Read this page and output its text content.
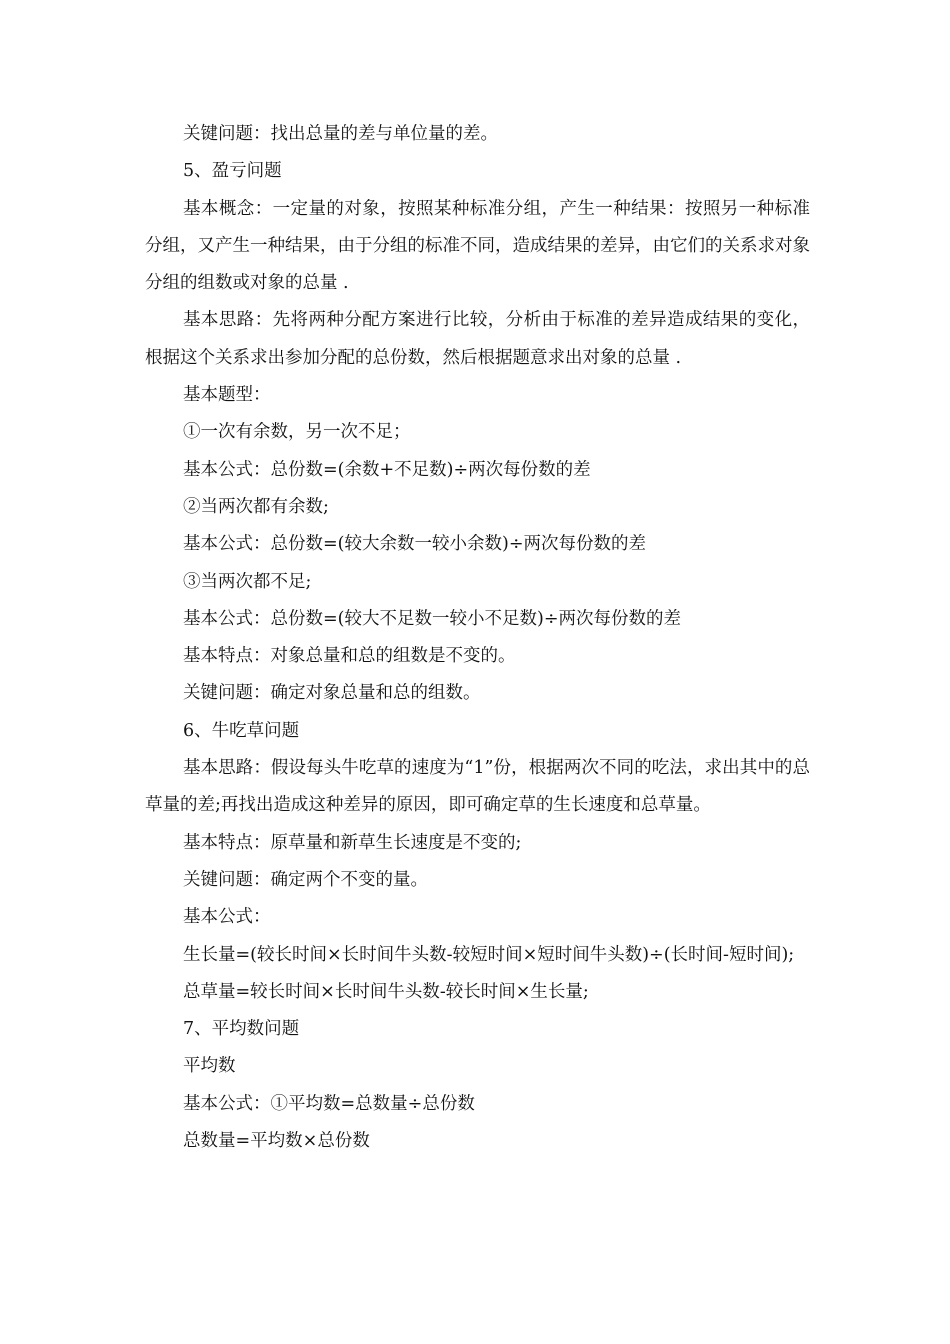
关键问题：找出总量的差与单位量的差。

5、盈亏问题

基本概念：一定量的对象，按照某种标准分组，产生一种结果：按照另一种标准分组，又产生一种结果，由于分组的标准不同，造成结果的差异，由它们的关系求对象分组的组数或对象的总量 .

基本思路：先将两种分配方案进行比较，分析由于标准的差异造成结果的变化，根据这个关系求出参加分配的总份数，然后根据题意求出对象的总量 .

基本题型：

①一次有余数，另一次不足；

基本公式：总份数=(余数+不足数)÷两次每份数的差

②当两次都有余数;

基本公式：总份数=(较大余数一较小余数)÷两次每份数的差

③当两次都不足;

基本公式：总份数=(较大不足数一较小不足数)÷两次每份数的差

基本特点：对象总量和总的组数是不变的。

关键问题：确定对象总量和总的组数。

6、牛吃草问题

基本思路：假设每头牛吃草的速度为“1”份，根据两次不同的吃法，求出其中的总草量的差;再找出造成这种差异的原因，即可确定草的生长速度和总草量。

基本特点：原草量和新草生长速度是不变的;

关键问题：确定两个不变的量。

基本公式：

生长量=(较长时间×长时间牛头数-较短时间×短时间牛头数)÷(长时间-短时间);

总草量=较长时间×长时间牛头数-较长时间×生长量;

7、平均数问题

平均数

基本公式：①平均数=总数量÷总份数

总数量=平均数×总份数
